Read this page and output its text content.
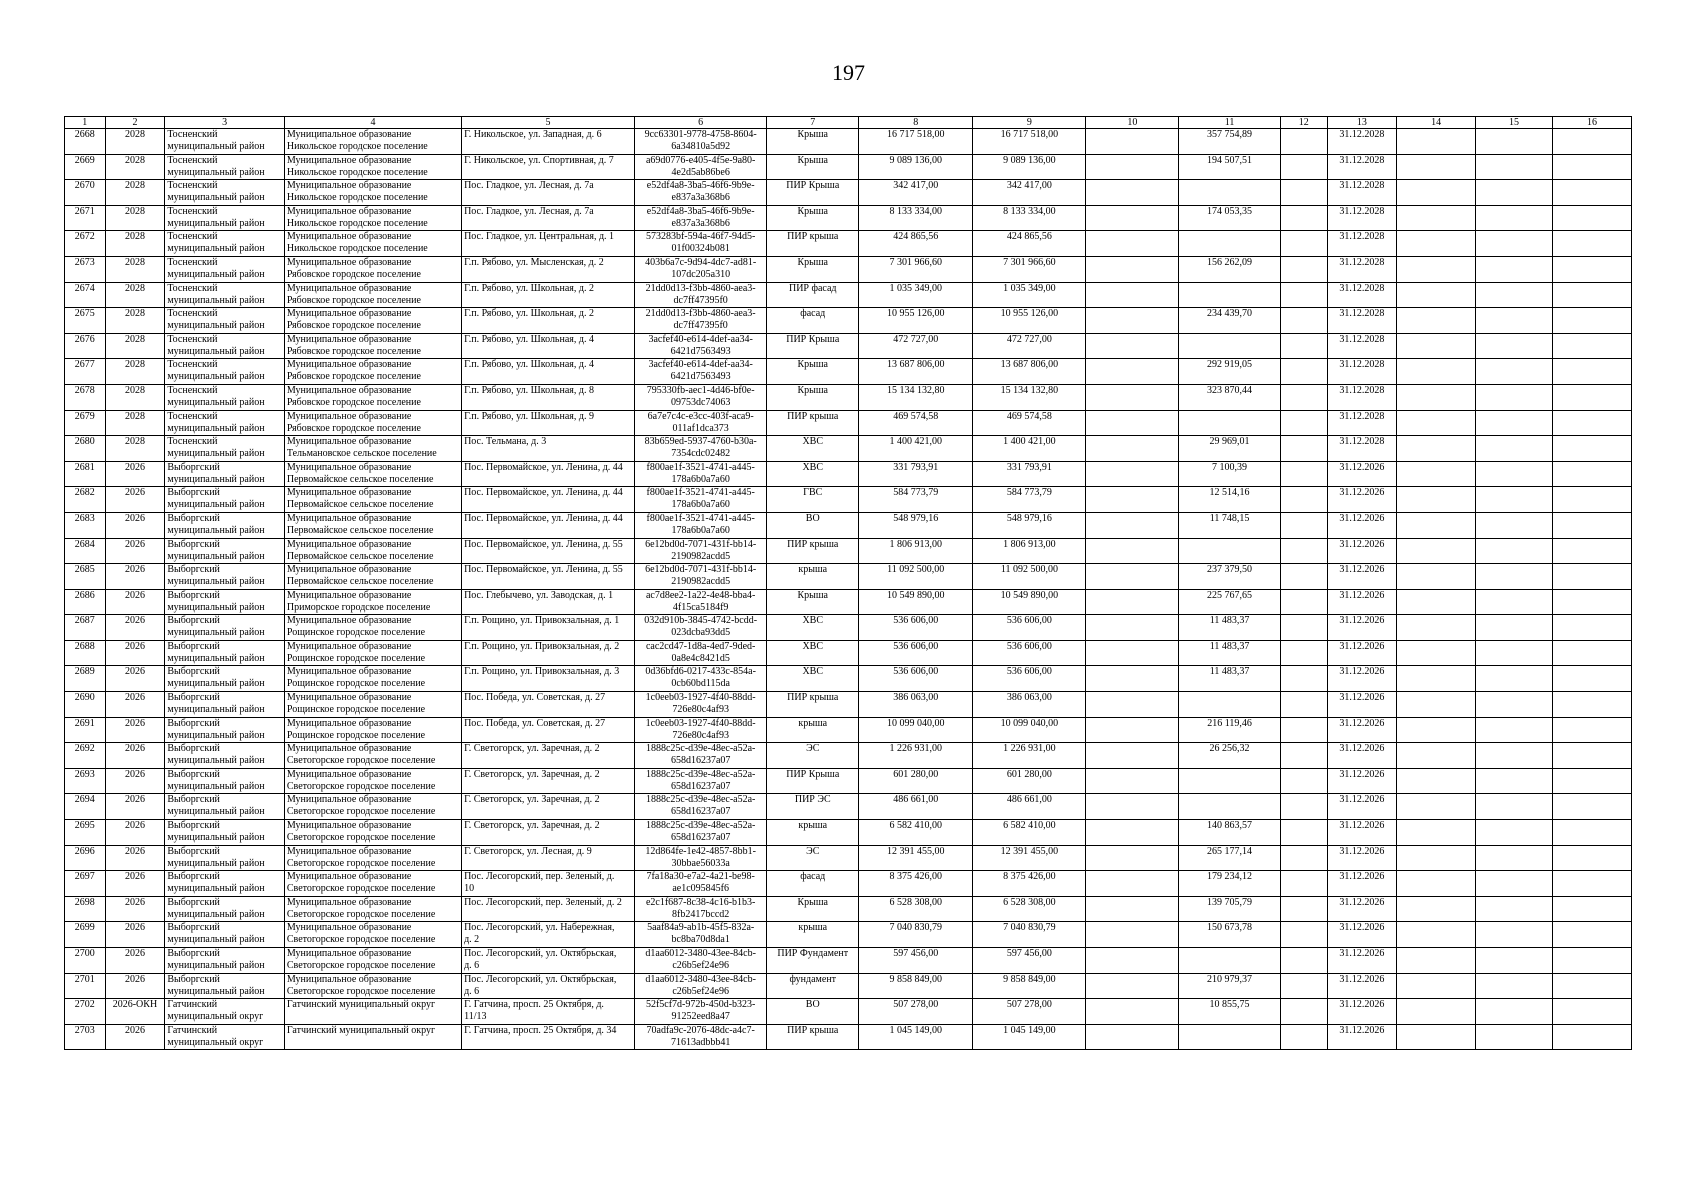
197
1	2	3	4	5	6	7	8	9	10	11	12	13	14	15	16
2668	2028	Тосненский
муниципальный район	Муниципальное образование
Никольское городское поселение	Г. Никольское, ул. Западная, д. 6	9cc63301-9778-4758-8604-
6a34810a5d92	Крыша	16 717 518,00	16 717 518,00		357 754,89		31.12.2028			
2669	2028	Тосненский
муниципальный район	Муниципальное образование
Никольское городское поселение	Г. Никольское, ул. Спортивная, д. 7	a69d0776-e405-4f5e-9a80-
4e2d5ab86be6	Крыша	9 089 136,00	9 089 136,00		194 507,51		31.12.2028			
2670	2028	Тосненский
муниципальный район	Муниципальное образование
Никольское городское поселение	Пос. Гладкое, ул. Лесная, д. 7а	e52df4a8-3ba5-46f6-9b9e-
e837a3a368b6	ПИР Крыша	342 417,00	342 417,00				31.12.2028			
2671	2028	Тосненский
муниципальный район	Муниципальное образование
Никольское городское поселение	Пос. Гладкое, ул. Лесная, д. 7а	e52df4a8-3ba5-46f6-9b9e-
e837a3a368b6	Крыша	8 133 334,00	8 133 334,00		174 053,35		31.12.2028			
2672	2028	Тосненский
муниципальный район	Муниципальное образование
Никольское городское поселение	Пос. Гладкое, ул. Центральная, д. 1	573283bf-594a-46f7-94d5-
01f00324b081	ПИР крыша	424 865,56	424 865,56				31.12.2028			
2673	2028	Тосненский
муниципальный район	Муниципальное образование
Рябовское городское поселение	Г.п. Рябово, ул. Мысленская, д. 2	403b6a7c-9d94-4dc7-ad81-
107dc205a310	Крыша	7 301 966,60	7 301 966,60		156 262,09		31.12.2028			
2674	2028	Тосненский
муниципальный район	Муниципальное образование
Рябовское городское поселение	Г.п. Рябово, ул. Школьная, д. 2	21dd0d13-f3bb-4860-aea3-
dc7ff47395f0	ПИР фасад	1 035 349,00	1 035 349,00				31.12.2028			
2675	2028	Тосненский
муниципальный район	Муниципальное образование
Рябовское городское поселение	Г.п. Рябово, ул. Школьная, д. 2	21dd0d13-f3bb-4860-aea3-
dc7ff47395f0	фасад	10 955 126,00	10 955 126,00		234 439,70		31.12.2028			
2676	2028	Тосненский
муниципальный район	Муниципальное образование
Рябовское городское поселение	Г.п. Рябово, ул. Школьная, д. 4	3acfef40-e614-4def-aa34-
6421d7563493	ПИР Крыша	472 727,00	472 727,00				31.12.2028			
2677	2028	Тосненский
муниципальный район	Муниципальное образование
Рябовское городское поселение	Г.п. Рябово, ул. Школьная, д. 4	3acfef40-e614-4def-aa34-
6421d7563493	Крыша	13 687 806,00	13 687 806,00		292 919,05		31.12.2028			
2678	2028	Тосненский
муниципальный район	Муниципальное образование
Рябовское городское поселение	Г.п. Рябово, ул. Школьная, д. 8	795330fb-aec1-4d46-bf0e-
09753dc74063	Крыша	15 134 132,80	15 134 132,80		323 870,44		31.12.2028			
2679	2028	Тосненский
муниципальный район	Муниципальное образование
Рябовское городское поселение	Г.п. Рябово, ул. Школьная, д. 9	6a7e7c4c-e3cc-403f-aca9-
011af1dca373	ПИР крыша	469 574,58	469 574,58				31.12.2028			
2680	2028	Тосненский
муниципальный район	Муниципальное образование
Тельмановское сельское поселение	Пос. Тельмана, д. 3	83b659ed-5937-4760-b30a-
7354cdc02482	ХВС	1 400 421,00	1 400 421,00		29 969,01		31.12.2028			
2681	2026	Выборгский
муниципальный район	Муниципальное образование
Первомайское сельское поселение	Пос. Первомайское, ул. Ленина, д. 44	f800ae1f-3521-4741-a445-
178a6b0a7a60	ХВС	331 793,91	331 793,91		7 100,39		31.12.2026			
2682	2026	Выборгский
муниципальный район	Муниципальное образование
Первомайское сельское поселение	Пос. Первомайское, ул. Ленина, д. 44	f800ae1f-3521-4741-a445-
178a6b0a7a60	ГВС	584 773,79	584 773,79		12 514,16		31.12.2026			
2683	2026	Выборгский
муниципальный район	Муниципальное образование
Первомайское сельское поселение	Пос. Первомайское, ул. Ленина, д. 44	f800ae1f-3521-4741-a445-
178a6b0a7a60	ВО	548 979,16	548 979,16		11 748,15		31.12.2026			
2684	2026	Выборгский
муниципальный район	Муниципальное образование
Первомайское сельское поселение	Пос. Первомайское, ул. Ленина, д. 55	6e12bd0d-7071-431f-bb14-
2190982acdd5	ПИР крыша	1 806 913,00	1 806 913,00				31.12.2026			
2685	2026	Выборгский
муниципальный район	Муниципальное образование
Первомайское сельское поселение	Пос. Первомайское, ул. Ленина, д. 55	6e12bd0d-7071-431f-bb14-
2190982acdd5	крыша	11 092 500,00	11 092 500,00		237 379,50		31.12.2026			
2686	2026	Выборгский
муниципальный район	Муниципальное образование
Приморское городское поселение	Пос. Глебычево, ул. Заводская, д. 1	ac7d8ee2-1a22-4e48-bba4-
4f15ca5184f9	Крыша	10 549 890,00	10 549 890,00		225 767,65		31.12.2026			
2687	2026	Выборгский
муниципальный район	Муниципальное образование
Рощинское городское поселение	Г.п. Рощино, ул. Привокзальная, д. 1	032d910b-3845-4742-bcdd-
023dcba93dd5	ХВС	536 606,00	536 606,00		11 483,37		31.12.2026			
2688	2026	Выборгский
муниципальный район	Муниципальное образование
Рощинское городское поселение	Г.п. Рощино, ул. Привокзальная, д. 2	cac2cd47-1d8a-4ed7-9ded-
0a8e4c8421d5	ХВС	536 606,00	536 606,00		11 483,37		31.12.2026			
2689	2026	Выборгский
муниципальный район	Муниципальное образование
Рощинское городское поселение	Г.п. Рощино, ул. Привокзальная, д. 3	0d36bfd6-0217-433c-854a-
0cb60bd115da	ХВС	536 606,00	536 606,00		11 483,37		31.12.2026			
2690	2026	Выборгский
муниципальный район	Муниципальное образование
Рощинское городское поселение	Пос. Победа, ул. Советская, д. 27	1c0eeb03-1927-4f40-88dd-
726e80c4af93	ПИР крыша	386 063,00	386 063,00				31.12.2026			
2691	2026	Выборгский
муниципальный район	Муниципальное образование
Рощинское городское поселение	Пос. Победа, ул. Советская, д. 27	1c0eeb03-1927-4f40-88dd-
726e80c4af93	крыша	10 099 040,00	10 099 040,00		216 119,46		31.12.2026			
2692	2026	Выборгский
муниципальный район	Муниципальное образование
Светогорское городское поселение	Г. Светогорск, ул. Заречная, д. 2	1888c25c-d39e-48ec-a52a-
658d16237a07	ЭС	1 226 931,00	1 226 931,00		26 256,32		31.12.2026			
2693	2026	Выборгский
муниципальный район	Муниципальное образование
Светогорское городское поселение	Г. Светогорск, ул. Заречная, д. 2	1888c25c-d39e-48ec-a52a-
658d16237a07	ПИР Крыша	601 280,00	601 280,00				31.12.2026			
2694	2026	Выборгский
муниципальный район	Муниципальное образование
Светогорское городское поселение	Г. Светогорск, ул. Заречная, д. 2	1888c25c-d39e-48ec-a52a-
658d16237a07	ПИР ЭС	486 661,00	486 661,00				31.12.2026			
2695	2026	Выборгский
муниципальный район	Муниципальное образование
Светогорское городское поселение	Г. Светогорск, ул. Заречная, д. 2	1888c25c-d39e-48ec-a52a-
658d16237a07	крыша	6 582 410,00	6 582 410,00		140 863,57		31.12.2026			
2696	2026	Выборгский
муниципальный район	Муниципальное образование
Светогорское городское поселение	Г. Светогорск, ул. Лесная, д. 9	12d864fe-1e42-4857-8bb1-
30bbae56033a	ЭС	12 391 455,00	12 391 455,00		265 177,14		31.12.2026			
2697	2026	Выборгский
муниципальный район	Муниципальное образование
Светогорское городское поселение	Пос. Лесогорский, пер. Зеленый, д.
10	7fa18a30-e7a2-4a21-be98-
ae1c095845f6	фасад	8 375 426,00	8 375 426,00		179 234,12		31.12.2026			
2698	2026	Выборгский
муниципальный район	Муниципальное образование
Светогорское городское поселение	Пос. Лесогорский, пер. Зеленый, д. 2	e2c1f687-8c38-4c16-b1b3-
8fb2417bccd2	Крыша	6 528 308,00	6 528 308,00		139 705,79		31.12.2026			
2699	2026	Выборгский
муниципальный район	Муниципальное образование
Светогорское городское поселение	Пос. Лесогорский, ул. Набережная,
д. 2	5aaf84a9-ab1b-45f5-832a-
bc8ba70d8da1	крыша	7 040 830,79	7 040 830,79		150 673,78		31.12.2026			
2700	2026	Выборгский
муниципальный район	Муниципальное образование
Светогорское городское поселение	Пос. Лесогорский, ул. Октябрьская,
д. 6	d1aa6012-3480-43ee-84cb-
c26b5ef24e96	ПИР Фундамент	597 456,00	597 456,00				31.12.2026			
2701	2026	Выборгский
муниципальный район	Муниципальное образование
Светогорское городское поселение	Пос. Лесогорский, ул. Октябрьская,
д. 6	d1aa6012-3480-43ee-84cb-
c26b5ef24e96	фундамент	9 858 849,00	9 858 849,00		210 979,37		31.12.2026			
2702	2026-ОКН	Гатчинский
муниципальный округ	Гатчинский муниципальный округ	Г. Гатчина, просп. 25 Октября, д.
11/13	52f5cf7d-972b-450d-b323-
91252eed8a47	ВО	507 278,00	507 278,00		10 855,75		31.12.2026			
2703	2026	Гатчинский
муниципальный округ	Гатчинский муниципальный округ	Г. Гатчина, просп. 25 Октября, д. 34	70adfa9c-2076-48dc-a4c7-
71613adbbb41	ПИР крыша	1 045 149,00	1 045 149,00				31.12.2026			
